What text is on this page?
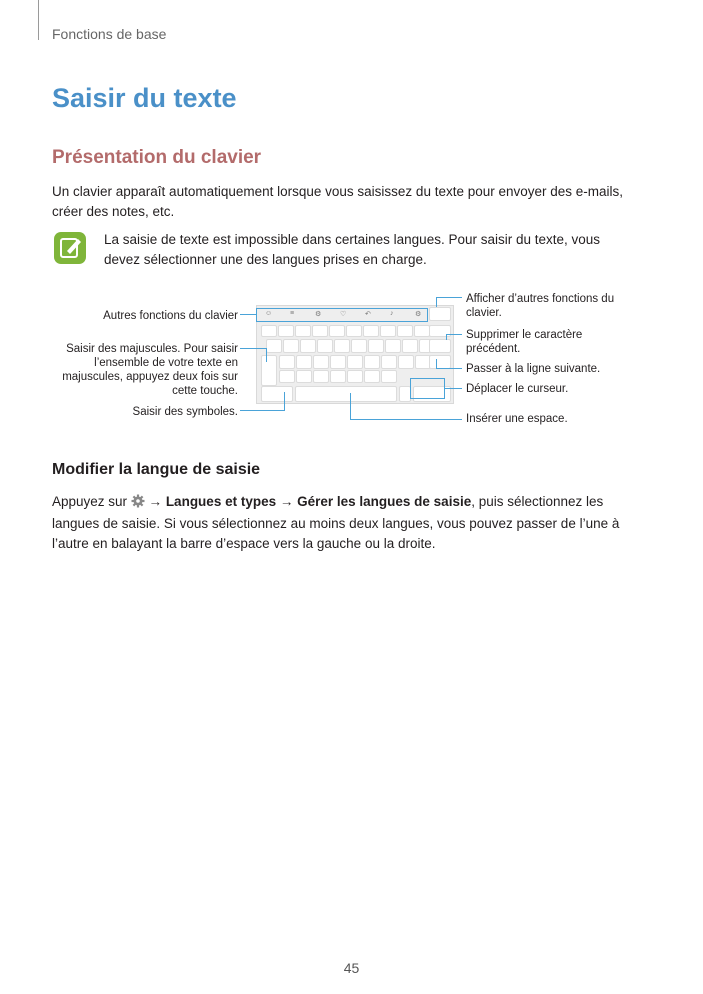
Fonctions de base
Saisir du texte
Présentation du clavier
Un clavier apparaît automatiquement lorsque vous saisissez du texte pour envoyer des e-mails, créer des notes, etc.
La saisie de texte est impossible dans certaines langues. Pour saisir du texte, vous devez sélectionner une des langues prises en charge.
☺	≡	⚙	♡	↶	♪	⚙
Autres fonctions du clavier
Saisir des majuscules. Pour saisir l’ensemble de votre texte en majuscules, appuyez deux fois sur cette touche.
Saisir des symboles.
Afficher d’autres fonctions du clavier.
Supprimer le caractère précédent.
Passer à la ligne suivante.
Déplacer le curseur.
Insérer une espace.
Modifier la langue de saisie
Appuyez sur  → Langues et types → Gérer les langues de saisie, puis sélectionnez les langues de saisie. Si vous sélectionnez au moins deux langues, vous pouvez passer de l’une à l’autre en balayant la barre d’espace vers la gauche ou la droite.
45
